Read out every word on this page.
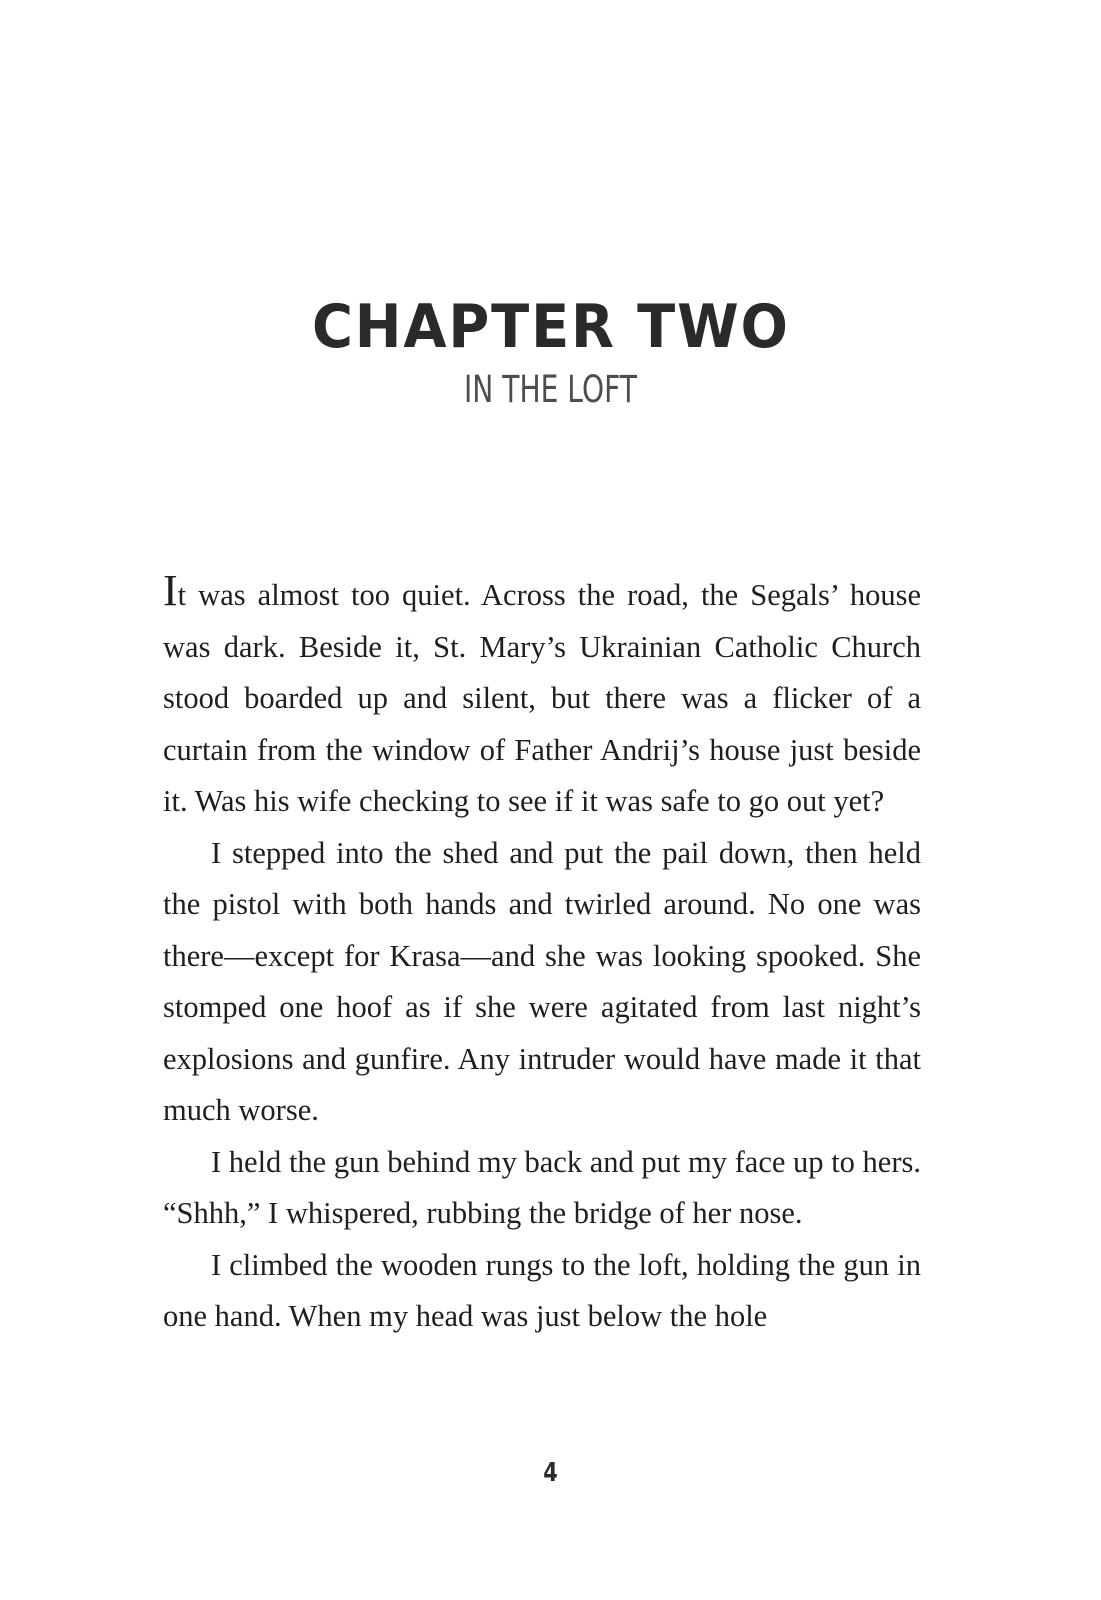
CHAPTER TWO
IN THE LOFT

It was almost too quiet. Across the road, the Segals’ house was dark. Beside it, St. Mary’s Ukrainian Catholic Church stood boarded up and silent, but there was a flicker of a curtain from the window of Father Andrij’s house just beside it. Was his wife checking to see if it was safe to go out yet?

I stepped into the shed and put the pail down, then held the pistol with both hands and twirled around. No one was there—except for Krasa—and she was looking spooked. She stomped one hoof as if she were agitated from last night’s explosions and gunfire. Any intruder would have made it that much worse.

I held the gun behind my back and put my face up to hers. “Shhh,” I whispered, rubbing the bridge of her nose.

I climbed the wooden rungs to the loft, holding the gun in one hand. When my head was just below the hole

4
